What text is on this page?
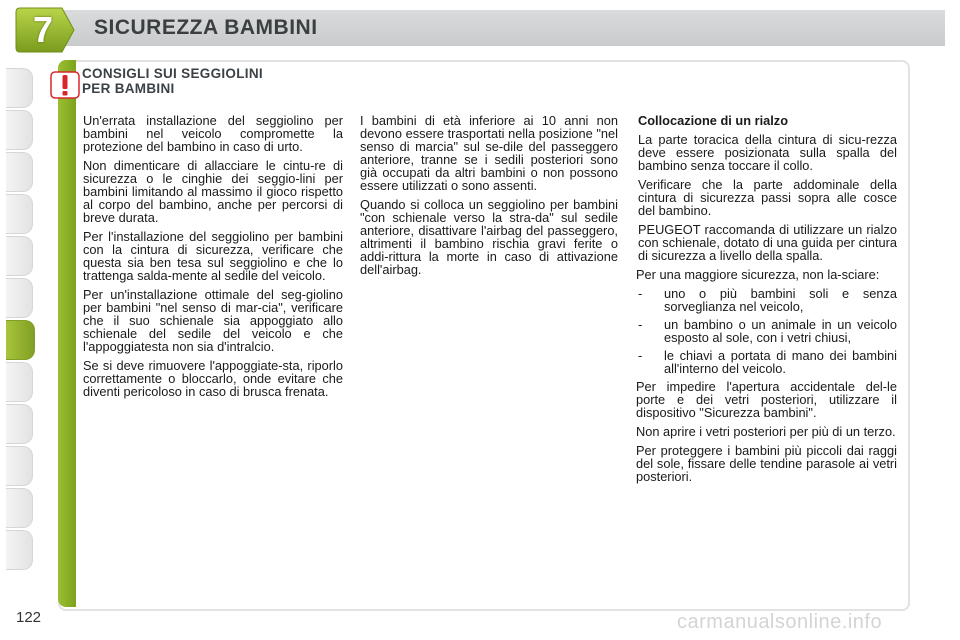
7	SICUREZZA BAMBINI
CONSIGLI SUI SEGGIOLINI
PER BAMBINI

Un'errata installazione del seggiolino per bambini nel veicolo compromette la protezione del bambino in caso di urto.

Non dimenticare di allacciare le cintu-re di sicurezza o le cinghie dei seggio-lini per bambini limitando al massimo il gioco rispetto al corpo del bambino, anche per percorsi di breve durata.

Per l'installazione del seggiolino per bambini con la cintura di sicurezza, verificare che questa sia ben tesa sul seggiolino e che lo trattenga salda-mente al sedile del veicolo.

Per un'installazione ottimale del seg-giolino per bambini "nel senso di mar-cia", verificare che il suo schienale sia appoggiato allo schienale del sedile del veicolo e che l'appoggiatesta non sia d'intralcio.

Se si deve rimuovere l'appoggiate-sta, riporlo correttamente o bloccarlo, onde evitare che diventi pericoloso in caso di brusca frenata.

I bambini di età inferiore ai 10 anni non devono essere trasportati nella posizione "nel senso di marcia" sul se-dile del passeggero anteriore, tranne se i sedili posteriori sono già occupati da altri bambini o non possono essere utilizzati o sono assenti.

Quando si colloca un seggiolino per bambini "con schienale verso la stra-da" sul sedile anteriore, disattivare l'airbag del passeggero, altrimenti il bambino rischia gravi ferite o addi-rittura la morte in caso di attivazione dell'airbag.

Collocazione di un rialzo

La parte toracica della cintura di sicu-rezza deve essere posizionata sulla spalla del bambino senza toccare il collo.

Verificare che la parte addominale della cintura di sicurezza passi sopra alle cosce del bambino.

PEUGEOT raccomanda di utilizzare un rialzo con schienale, dotato di una guida per cintura di sicurezza a livello della spalla.

Per una maggiore sicurezza, non la-sciare:

-	uno o più bambini soli e senza sorveglianza nel veicolo,
-	un bambino o un animale in un veicolo esposto al sole, con i vetri chiusi,
-	le chiavi a portata di mano dei bambini all'interno del veicolo.

Per impedire l'apertura accidentale del-le porte e dei vetri posteriori, utilizzare il dispositivo "Sicurezza bambini".

Non aprire i vetri posteriori per più di un terzo.

Per proteggere i bambini più piccoli dai raggi del sole, fissare delle tendine parasole ai vetri posteriori.

122	carmanualsonline.info
